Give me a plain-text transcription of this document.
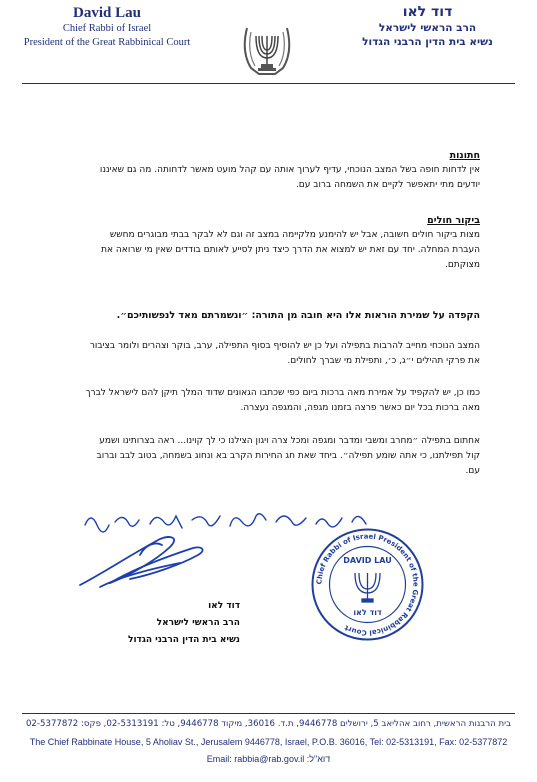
David Lau
Chief Rabbi of Israel
President of the Great Rabbinical Court
דוד לאו
הרב הראשי לישראל
נשיא בית הדין הרבני הגדול
חתונות
אין לדחות חופה בשל המצב הנוכחי, עדיף לערוך אותה עם קהל מועט מאשר לדחותה. מה גם שאיננו
יודעים מתי יתאפשר לקיים את השמחה ברוב עם.
ביקור חולים
מצות ביקור חולים חשובה, אבל יש להימנע מלקיימה במצב זה וגם לא לבקר בבתי מבוגרים מחשש
העברת המחלה. יחד עם זאת יש למצוא את הדרך כיצד ניתן לסייע לאותם בודדים שאין מי שרואה את
מצוקתם.
הקפדה על שמירת הוראות אלו היא חובה מן התורה: ״ונשמרתם מאד לנפשותיכם״.
המצב הנוכחי מחייב להרבות בתפילה ועל כן יש להוסיף בסוף התפילה, ערב, בוקר וצהרים ולומר בציבור
את פרקי תהילים י״ג, כ׳, ותפילת מי שברך לחולים.
כמו כן, יש להקפיד על אמירת מאה ברכות ביום כפי שכתבו הגאונים שדוד המלך תיקן להם לישראל לברך
מאה ברכות בכל יום כאשר פרצה בזמנו מגפה, והמגפה נעצרה.
אחתום בתפילה ״מחרב ומשבי ומדבר ומגפה ומכל צרה ויגון הצילנו כי לך קוינו... ראה בצרותינו ושמע
קול תפילתנו, כי אתה שומע תפילה״. ביחד שאת חג החירות הקרב בא ונחוג בשמחה, בטוב לבב וברוב
עם.
Chief Rabbi of Israel President of the Great Rabbinical Court
DAVID LAU
דוד לאו
דוד לאו
הרב הראשי לישראל
נשיא בית הדין הרבני הגדול
בית הרבנות הראשית, רחוב אהליאב 5, ירושלים 9446778, ת.ד. 36016, מיקוד 9446778, טל: 02-5313191, פקס: 02-5377872
The Chief Rabbinate House, 5 Aholiav St., Jerusalem 9446778, Israel, P.O.B. 36016, Tel: 02-5313191, Fax: 02-5377872
Email: rabbia@rab.gov.il :דוא"ל
